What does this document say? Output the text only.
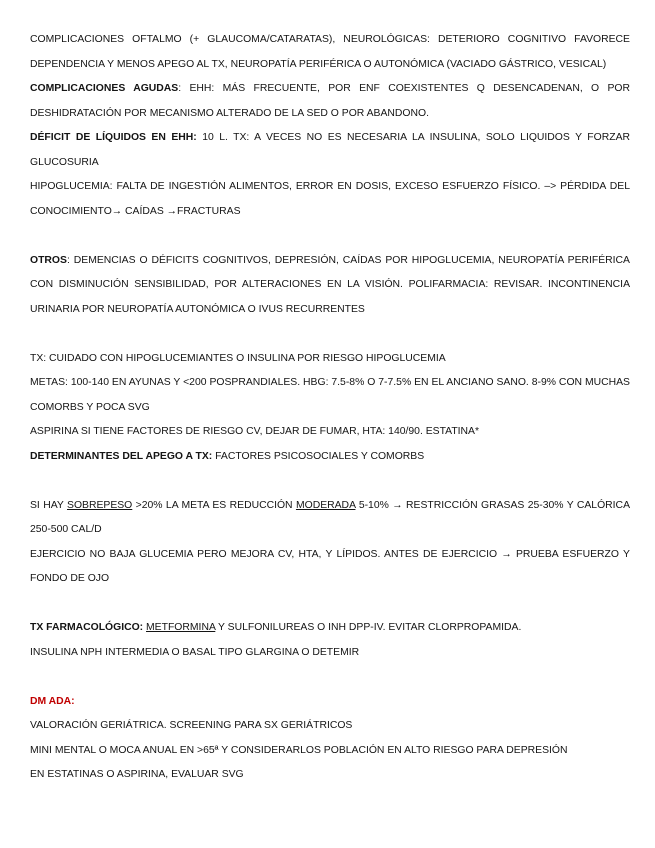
COMPLICACIONES OFTALMO (+ GLAUCOMA/CATARATAS), NEUROLÓGICAS: DETERIORO COGNITIVO FAVORECE DEPENDENCIA Y MENOS APEGO AL TX, NEUROPATÍA PERIFÉRICA O AUTONÓMICA (VACIADO GÁSTRICO, VESICAL)

COMPLICACIONES AGUDAS: EHH: MÁS FRECUENTE, POR ENF COEXISTENTES Q DESENCADENAN, O POR DESHIDRATACIÓN POR MECANISMO ALTERADO DE LA SED O POR ABANDONO.

DÉFICIT DE LÍQUIDOS EN EHH: 10 L. TX: A VECES NO ES NECESARIA LA INSULINA, SOLO LIQUIDOS Y FORZAR GLUCOSURIA

HIPOGLUCEMIA: FALTA DE INGESTIÓN ALIMENTOS, ERROR EN DOSIS, EXCESO ESFUERZO FÍSICO. –> PÉRDIDA DEL CONOCIMIENTO→ CAÍDAS →FRACTURAS

OTROS: DEMENCIAS O DÉFICITS COGNITIVOS, DEPRESIÓN, CAÍDAS POR HIPOGLUCEMIA, NEUROPATÍA PERIFÉRICA CON DISMINUCIÓN SENSIBILIDAD, POR ALTERACIONES EN LA VISIÓN. POLIFARMACIA: REVISAR. INCONTINENCIA URINARIA POR NEUROPATÍA AUTONÓMICA O IVUS RECURRENTES

TX: CUIDADO CON HIPOGLUCEMIANTES O INSULINA POR RIESGO HIPOGLUCEMIA

METAS: 100-140 EN AYUNAS Y <200 POSPRANDIALES. HBG: 7.5-8% O 7-7.5% EN EL ANCIANO SANO. 8-9% CON MUCHAS COMORBS Y POCA SVG

ASPIRINA SI TIENE FACTORES DE RIESGO CV, DEJAR DE FUMAR, HTA: 140/90. ESTATINA*

DETERMINANTES DEL APEGO A TX: FACTORES PSICOSOCIALES Y COMORBS

SI HAY SOBREPESO >20% LA META ES REDUCCIÓN MODERADA 5-10% → RESTRICCIÓN GRASAS 25-30% Y CALÓRICA 250-500 CAL/D

EJERCICIO NO BAJA GLUCEMIA PERO MEJORA CV, HTA, Y LÍPIDOS. ANTES DE EJERCICIO → PRUEBA ESFUERZO Y FONDO DE OJO

TX FARMACOLÓGICO: METFORMINA Y SULFONILUREAS O INH DPP-IV. EVITAR CLORPROPAMIDA.

INSULINA NPH INTERMEDIA O BASAL TIPO GLARGINA O DETEMIR

DM ADA:

VALORACIÓN GERIÁTRICA. SCREENING PARA SX GERIÁTRICOS

MINI MENTAL O MOCA ANUAL EN >65ª Y CONSIDERARLOS POBLACIÓN EN ALTO RIESGO PARA DEPRESIÓN

EN ESTATINAS O ASPIRINA, EVALUAR SVG
